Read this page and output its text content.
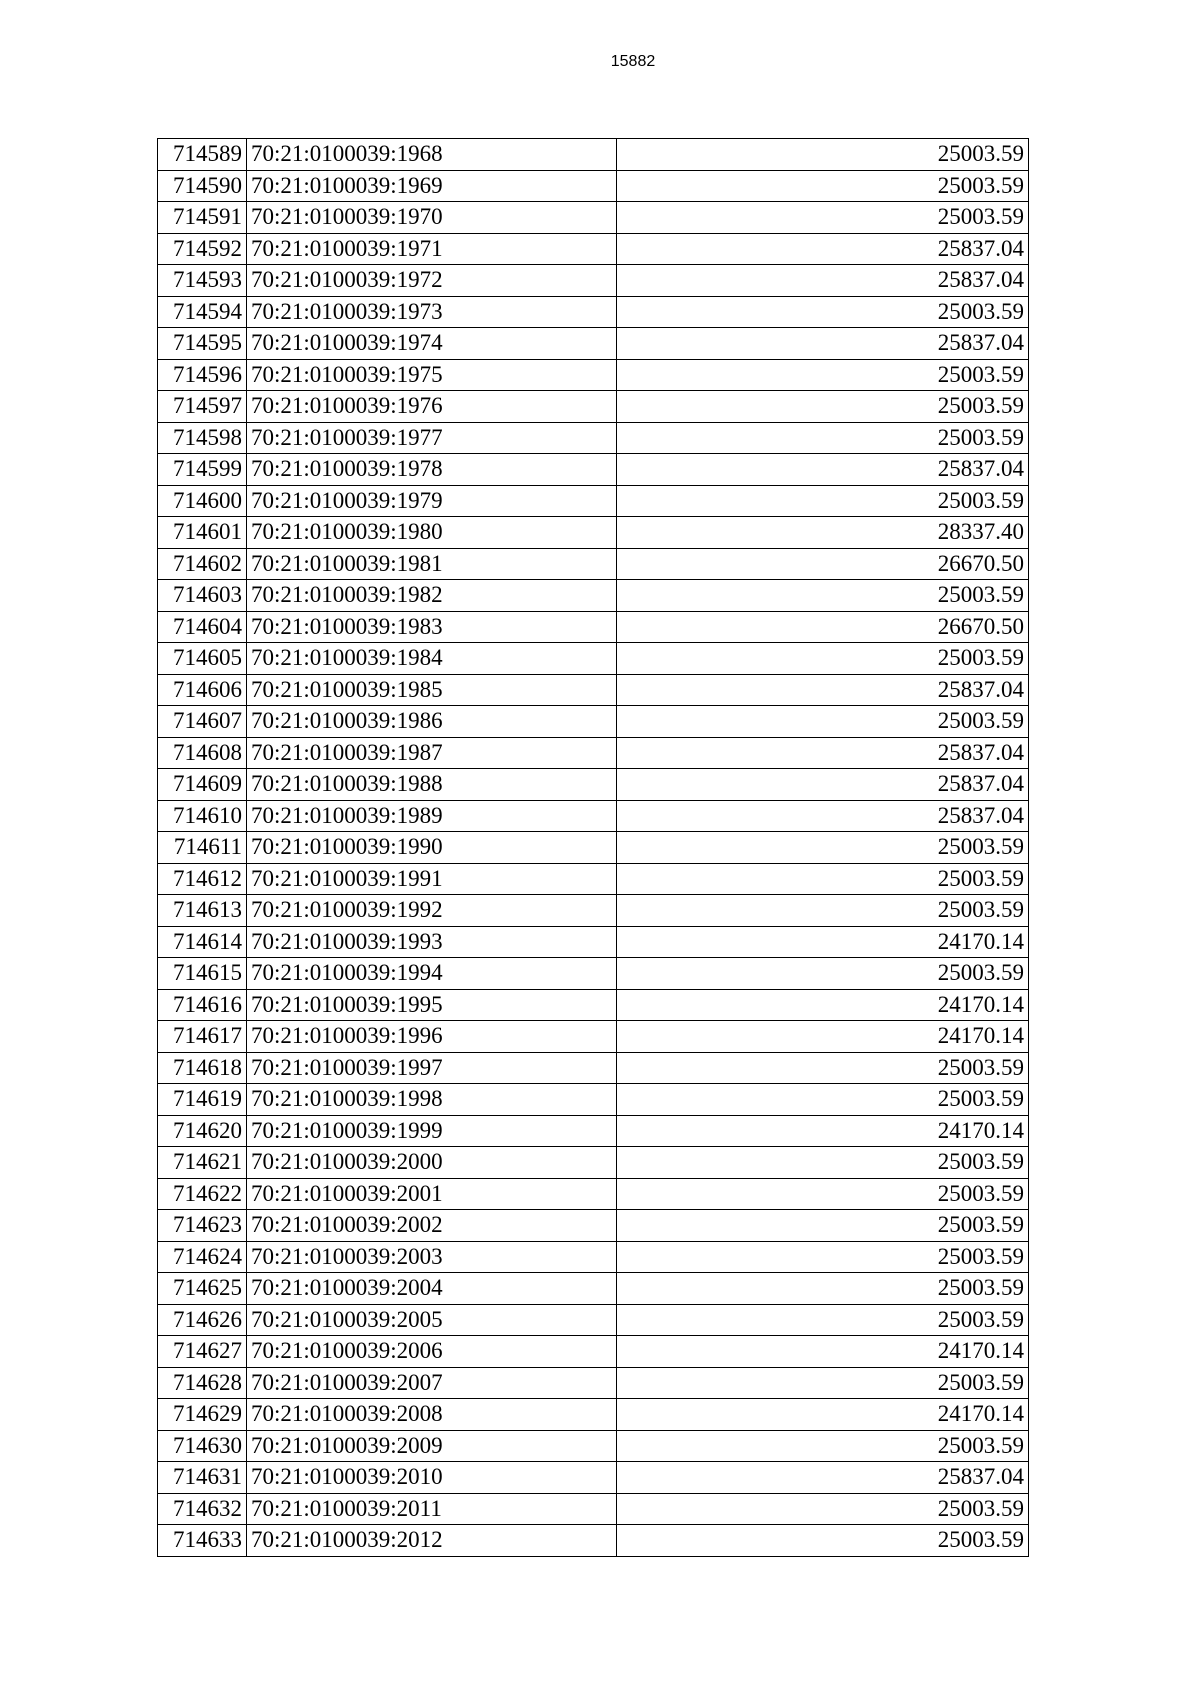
15882
714589	70:21:0100039:1968	25003.59
714590	70:21:0100039:1969	25003.59
714591	70:21:0100039:1970	25003.59
714592	70:21:0100039:1971	25837.04
714593	70:21:0100039:1972	25837.04
714594	70:21:0100039:1973	25003.59
714595	70:21:0100039:1974	25837.04
714596	70:21:0100039:1975	25003.59
714597	70:21:0100039:1976	25003.59
714598	70:21:0100039:1977	25003.59
714599	70:21:0100039:1978	25837.04
714600	70:21:0100039:1979	25003.59
714601	70:21:0100039:1980	28337.40
714602	70:21:0100039:1981	26670.50
714603	70:21:0100039:1982	25003.59
714604	70:21:0100039:1983	26670.50
714605	70:21:0100039:1984	25003.59
714606	70:21:0100039:1985	25837.04
714607	70:21:0100039:1986	25003.59
714608	70:21:0100039:1987	25837.04
714609	70:21:0100039:1988	25837.04
714610	70:21:0100039:1989	25837.04
714611	70:21:0100039:1990	25003.59
714612	70:21:0100039:1991	25003.59
714613	70:21:0100039:1992	25003.59
714614	70:21:0100039:1993	24170.14
714615	70:21:0100039:1994	25003.59
714616	70:21:0100039:1995	24170.14
714617	70:21:0100039:1996	24170.14
714618	70:21:0100039:1997	25003.59
714619	70:21:0100039:1998	25003.59
714620	70:21:0100039:1999	24170.14
714621	70:21:0100039:2000	25003.59
714622	70:21:0100039:2001	25003.59
714623	70:21:0100039:2002	25003.59
714624	70:21:0100039:2003	25003.59
714625	70:21:0100039:2004	25003.59
714626	70:21:0100039:2005	25003.59
714627	70:21:0100039:2006	24170.14
714628	70:21:0100039:2007	25003.59
714629	70:21:0100039:2008	24170.14
714630	70:21:0100039:2009	25003.59
714631	70:21:0100039:2010	25837.04
714632	70:21:0100039:2011	25003.59
714633	70:21:0100039:2012	25003.59
